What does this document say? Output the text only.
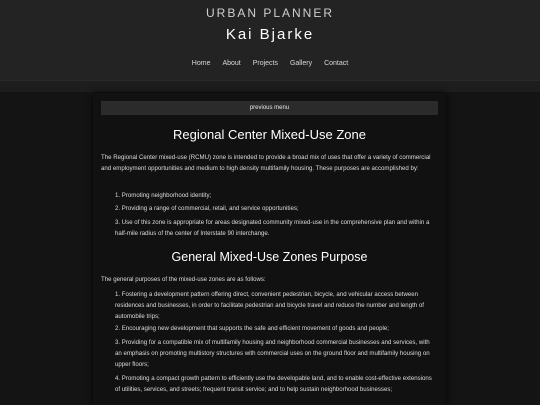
URBAN PLANNER
Kai Bjarke
Home About Projects Gallery Contact
previous menu
Regional Center Mixed-Use Zone
The Regional Center mixed-use (RCMU) zone is intended to provide a broad mix of uses that offer a variety of commercial and employment opportunities and medium to high density multifamily housing. These purposes are accomplished by:
1. Promoting neighborhood identity;
2. Providing a range of commercial, retail, and service opportunities;
3. Use of this zone is appropriate for areas designated community mixed-use in the comprehensive plan and within a half-mile radius of the center of Interstate 90 interchange.
General Mixed-Use Zones Purpose
The general purposes of the mixed-use zones are as follows:
1. Fostering a development pattern offering direct, convenient pedestrian, bicycle, and vehicular access between residences and businesses, in order to facilitate pedestrian and bicycle travel and reduce the number and length of automobile trips;
2. Encouraging new development that supports the safe and efficient movement of goods and people;
3. Providing for a compatible mix of multifamily housing and neighborhood commercial businesses and services, with an emphasis on promoting multistory structures with commercial uses on the ground floor and multifamily housing on upper floors;
4. Promoting a compact growth pattern to efficiently use the developable land, and to enable cost-effective extensions of utilities, services, and streets; frequent transit service; and to help sustain neighborhood businesses;
